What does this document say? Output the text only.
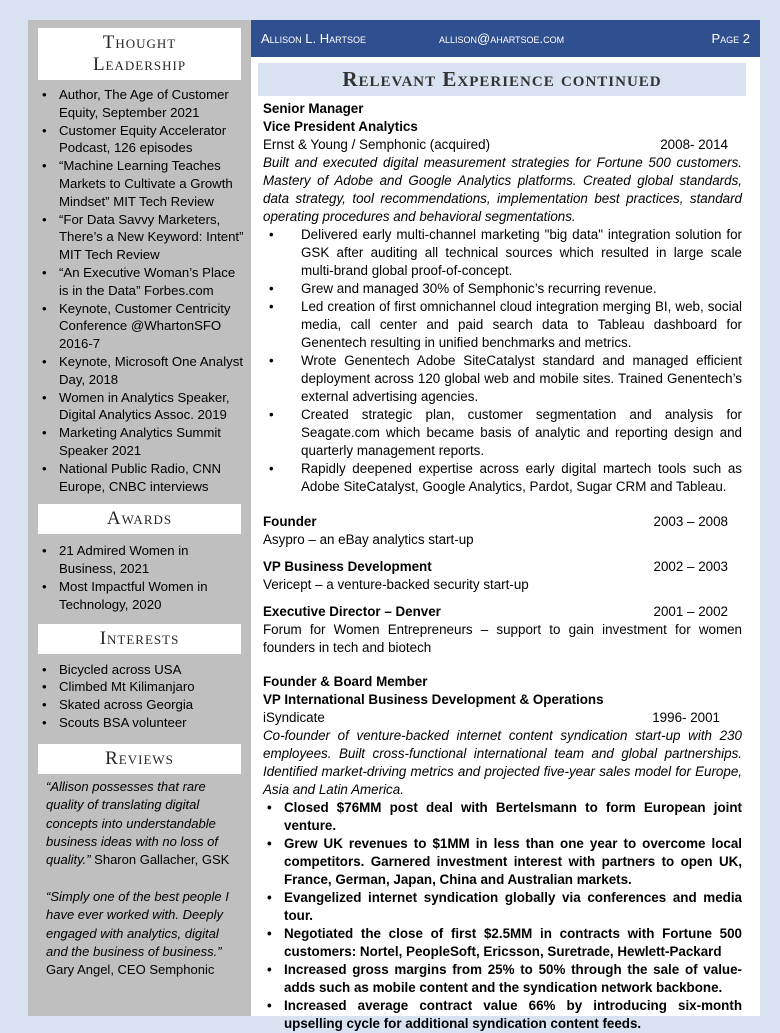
Thought
Leadership
• Author, The Age of Customer Equity, September 2021
• Customer Equity Accelerator Podcast, 126 episodes
• “Machine Learning Teaches Markets to Cultivate a Growth Mindset” MIT Tech Review
• “For Data Savvy Marketers, There’s a New Keyword: Intent” MIT Tech Review
• “An Executive Woman’s Place is in the Data” Forbes.com
• Keynote, Customer Centricity Conference @WhartonSFO 2016-7
• Keynote, Microsoft One Analyst Day, 2018
• Women in Analytics Speaker, Digital Analytics Assoc. 2019
• Marketing Analytics Summit Speaker 2021
• National Public Radio, CNN Europe, CNBC interviews
Awards
• 21 Admired Women in Business, 2021
• Most Impactful Women in Technology, 2020
Interests
• Bicycled across USA
• Climbed Mt Kilimanjaro
• Skated across Georgia
• Scouts BSA volunteer
Reviews
“Allison possesses that rare quality of translating digital concepts into understandable business ideas with no loss of quality.” Sharon Gallacher, GSK
“Simply one of the best people I have ever worked with. Deeply engaged with analytics, digital and the business of business.”
Gary Angel, CEO Semphonic
Allison L. Hartsoe	allison@ahartsoe.com	Page 2
Relevant Experience continued
Senior Manager
Vice President Analytics
Ernst & Young / Semphonic (acquired)	2008- 2014
Built and executed digital measurement strategies for Fortune 500 customers. Mastery of Adobe and Google Analytics platforms. Created global standards, data strategy, tool recommendations, implementation best practices, standard operating procedures and behavioral segmentations.
• Delivered early multi-channel marketing "big data" integration solution for GSK after auditing all technical sources which resulted in large scale multi-brand global proof-of-concept.
• Grew and managed 30% of Semphonic’s recurring revenue.
• Led creation of first omnichannel cloud integration merging BI, web, social media, call center and paid search data to Tableau dashboard for Genentech resulting in unified benchmarks and metrics.
• Wrote Genentech Adobe SiteCatalyst standard and managed efficient deployment across 120 global web and mobile sites. Trained Genentech’s external advertising agencies.
• Created strategic plan, customer segmentation and analysis for Seagate.com which became basis of analytic and reporting design and quarterly management reports.
• Rapidly deepened expertise across early digital martech tools such as Adobe SiteCatalyst, Google Analytics, Pardot, Sugar CRM and Tableau.
Founder	2003 – 2008
Asypro – an eBay analytics start-up
VP Business Development	2002 – 2003
Vericept – a venture-backed security start-up
Executive Director – Denver	2001 – 2002
Forum for Women Entrepreneurs – support to gain investment for women founders in tech and biotech
Founder & Board Member
VP International Business Development & Operations
iSyndicate	1996- 2001
Co-founder of venture-backed internet content syndication start-up with 230 employees. Built cross-functional international team and global partnerships. Identified market-driving metrics and projected five-year sales model for Europe, Asia and Latin America.
• Closed $76MM post deal with Bertelsmann to form European joint venture.
• Grew UK revenues to $1MM in less than one year to overcome local competitors. Garnered investment interest with partners to open UK, France, German, Japan, China and Australian markets.
• Evangelized internet syndication globally via conferences and media tour.
• Negotiated the close of first $2.5MM in contracts with Fortune 500 customers: Nortel, PeopleSoft, Ericsson, Suretrade, Hewlett-Packard
• Increased gross margins from 25% to 50% through the sale of value-adds such as mobile content and the syndication network backbone.
• Increased average contract value 66% by introducing six-month upselling cycle for additional syndication content feeds.
